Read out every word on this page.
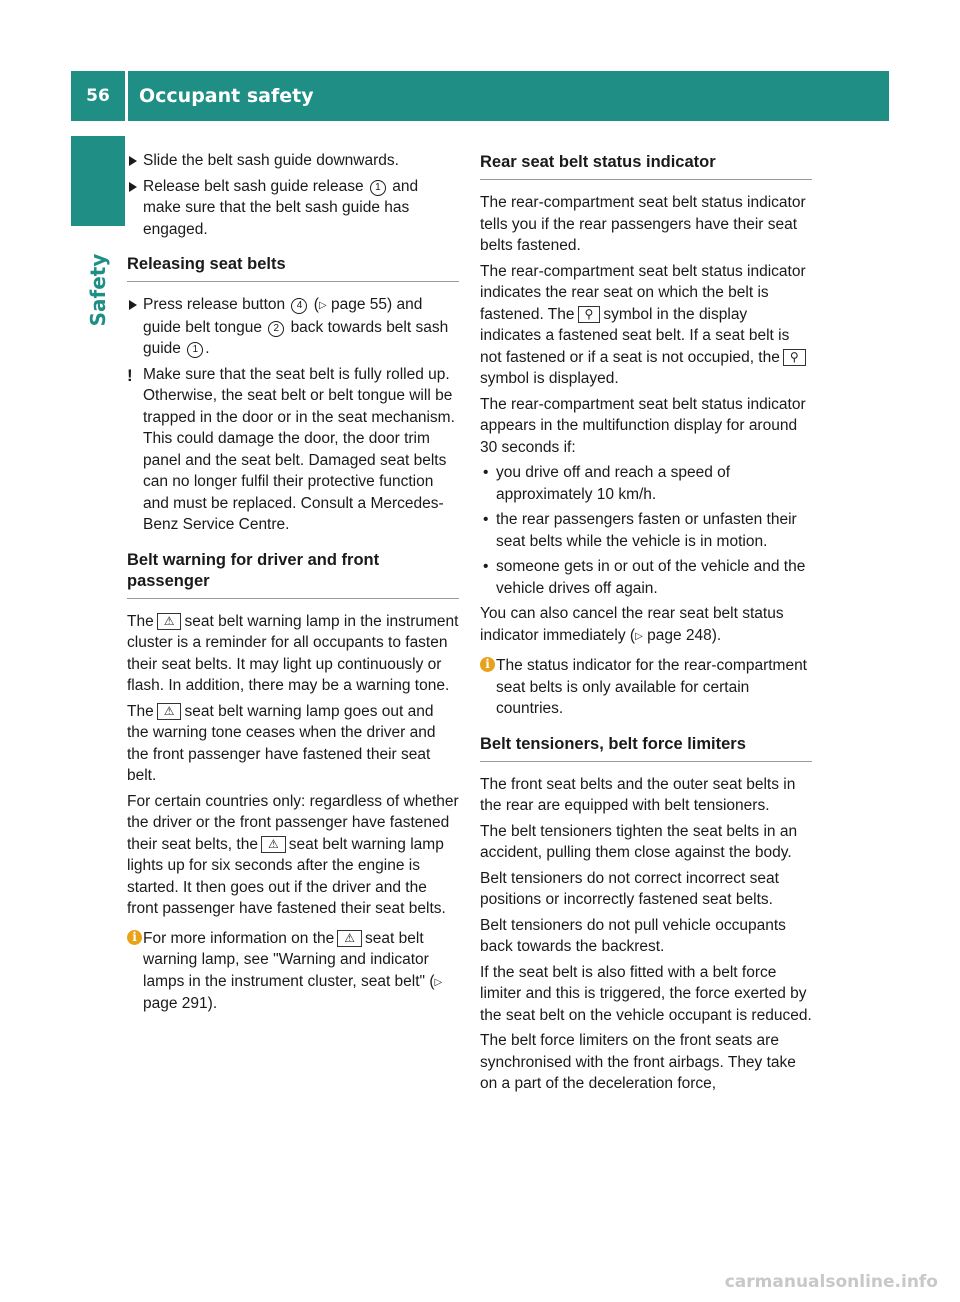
56	Occupant safety
Safety
Slide the belt sash guide downwards.
Release belt sash guide release 1 and make sure that the belt sash guide has engaged.
Releasing seat belts
Press release button 4 (▷ page 55) and guide belt tongue 2 back towards belt sash guide 1 .
! Make sure that the seat belt is fully rolled up. Otherwise, the seat belt or belt tongue will be trapped in the door or in the seat mechanism. This could damage the door, the door trim panel and the seat belt. Damaged seat belts can no longer fulfil their protective function and must be replaced. Consult a Mercedes-Benz Service Centre.
Belt warning for driver and front passenger

The ⚠ seat belt warning lamp in the instrument cluster is a reminder for all occupants to fasten their seat belts. It may light up continuously or flash. In addition, there may be a warning tone.

The ⚠ seat belt warning lamp goes out and the warning tone ceases when the driver and the front passenger have fastened their seat belt.

For certain countries only: regardless of whether the driver or the front passenger have fastened their seat belts, the ⚠ seat belt warning lamp lights up for six seconds after the engine is started. It then goes out if the driver and the front passenger have fastened their seat belts.

i For more information on the ⚠ seat belt warning lamp, see "Warning and indicator lamps in the instrument cluster, seat belt" (▷ page 291).
Rear seat belt status indicator

The rear-compartment seat belt status indicator tells you if the rear passengers have their seat belts fastened.

The rear-compartment seat belt status indicator indicates the rear seat on which the belt is fastened. The ⚲ symbol in the display indicates a fastened seat belt. If a seat belt is not fastened or if a seat is not occupied, the ⚲symbol is displayed.

The rear-compartment seat belt status indicator appears in the multifunction display for around 30 seconds if:

• you drive off and reach a speed of approximately 10 km/h.
• the rear passengers fasten or unfasten their seat belts while the vehicle is in motion.
• someone gets in or out of the vehicle and the vehicle drives off again.

You can also cancel the rear seat belt status indicator immediately (▷ page 248).

i The status indicator for the rear-compartment seat belts is only available for certain countries.
Belt tensioners, belt force limiters

The front seat belts and the outer seat belts in the rear are equipped with belt tensioners.

The belt tensioners tighten the seat belts in an accident, pulling them close against the body.

Belt tensioners do not correct incorrect seat positions or incorrectly fastened seat belts.

Belt tensioners do not pull vehicle occupants back towards the backrest.

If the seat belt is also fitted with a belt force limiter and this is triggered, the force exerted by the seat belt on the vehicle occupant is reduced.

The belt force limiters on the front seats are synchronised with the front airbags. They take on a part of the deceleration force,

carmanualsonline.info
